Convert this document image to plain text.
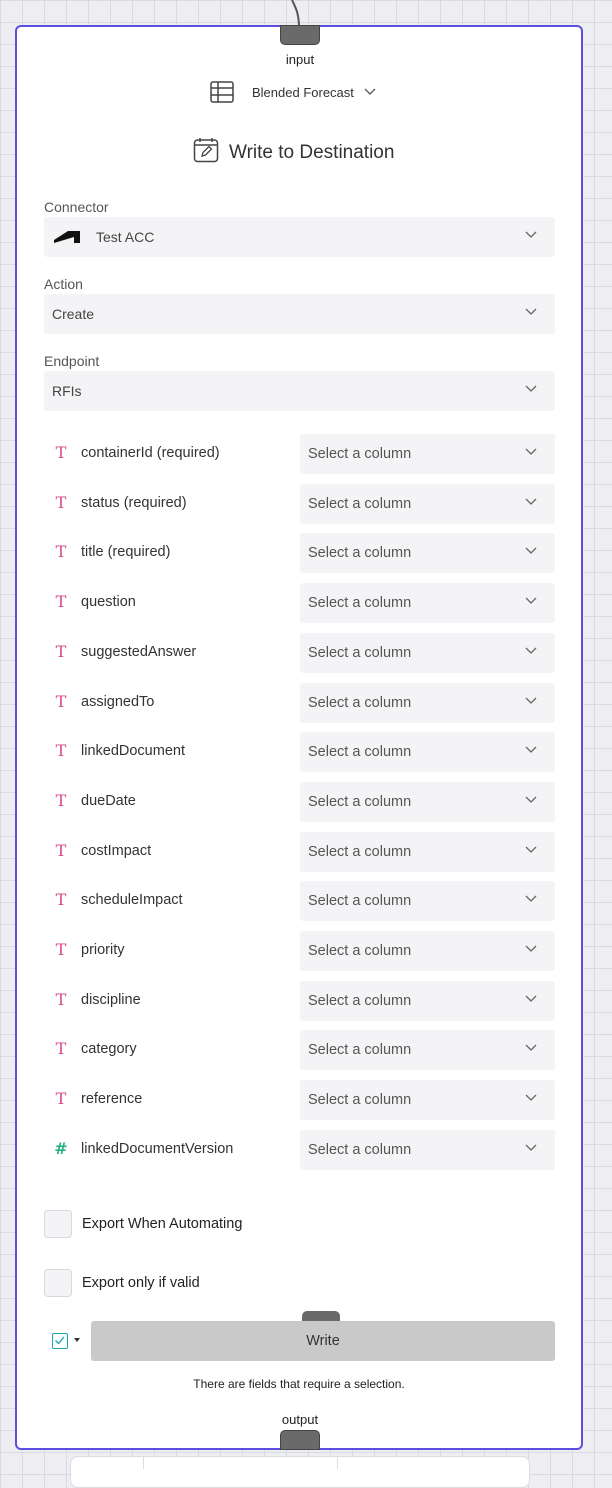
input
Blended Forecast
Write to Destination
Connector
Test ACC
Action
Create
Endpoint
RFIs
T containerId (required)	Select a column
T status (required)	Select a column
T title (required)	Select a column
T question	Select a column
T suggestedAnswer	Select a column
T assignedTo	Select a column
T linkedDocument	Select a column
T dueDate	Select a column
T costImpact	Select a column
T scheduleImpact	Select a column
T priority	Select a column
T discipline	Select a column
T category	Select a column
T reference	Select a column
# linkedDocumentVersion	Select a column
Export When Automating
Export only if valid
Write
There are fields that require a selection.
output
